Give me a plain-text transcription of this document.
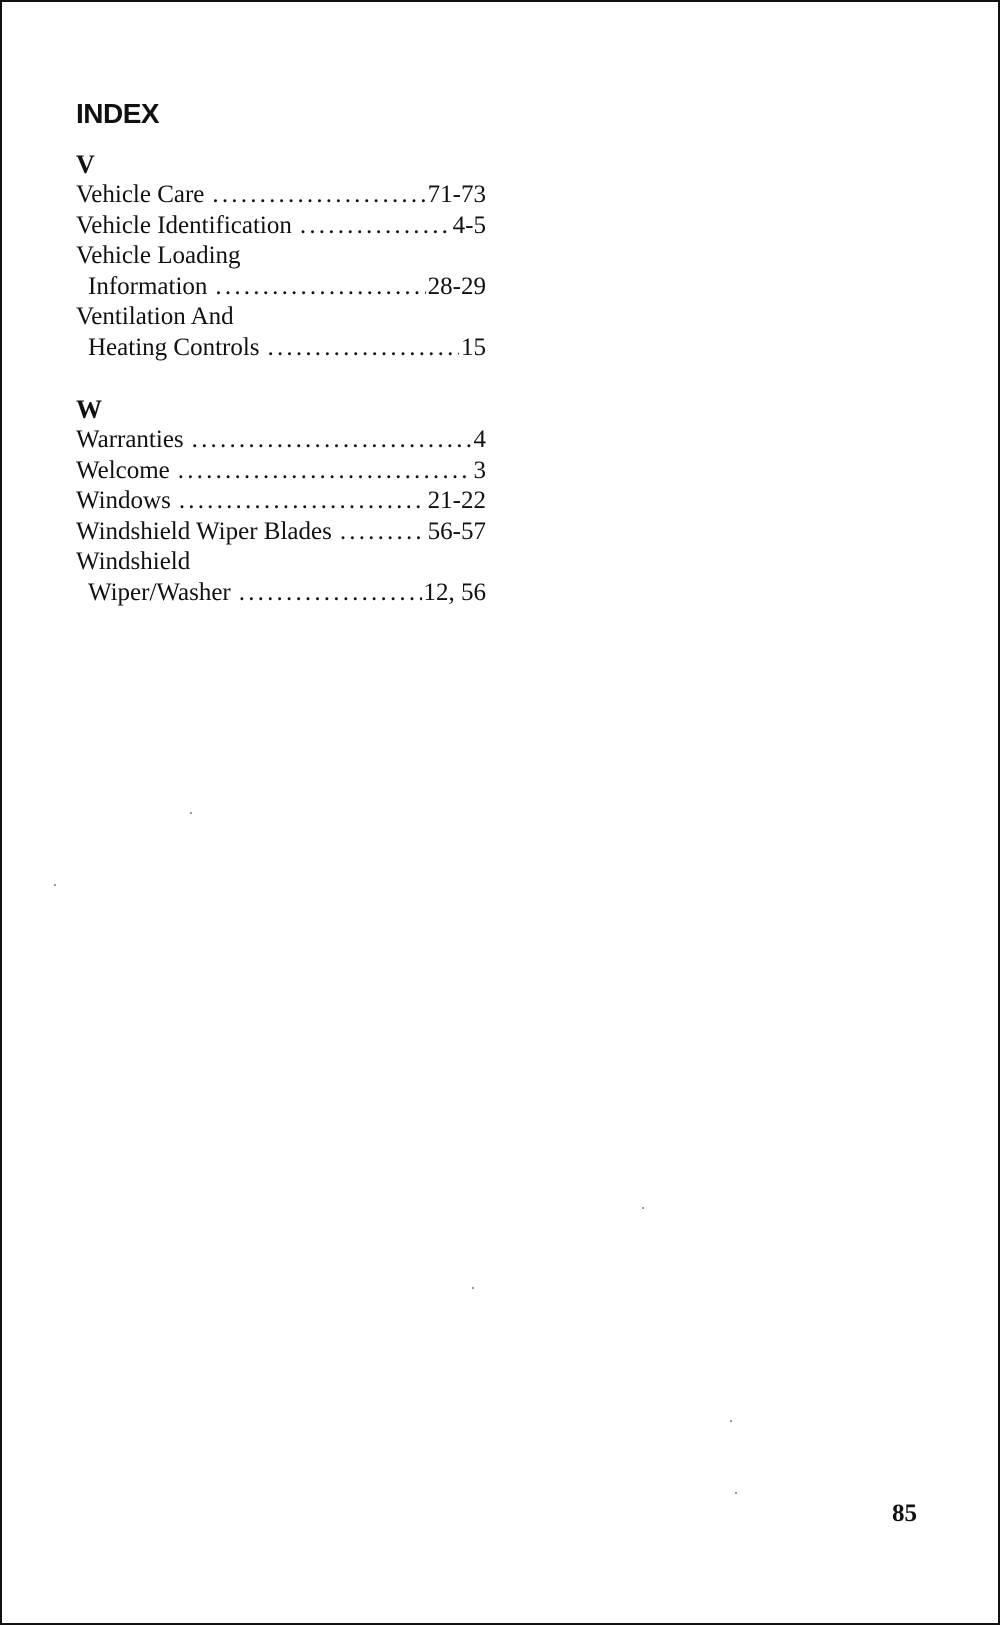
INDEX
V
Vehicle Care .....	71-73
Vehicle Identification .....	4-5
Vehicle Loading
Information .....	28-29
Ventilation And
Heating Controls .....	15
W
Warranties .....	4
Welcome .....	3
Windows .....	21-22
Windshield Wiper Blades .....	56-57
Windshield
Wiper/Washer .....	12, 56
85
